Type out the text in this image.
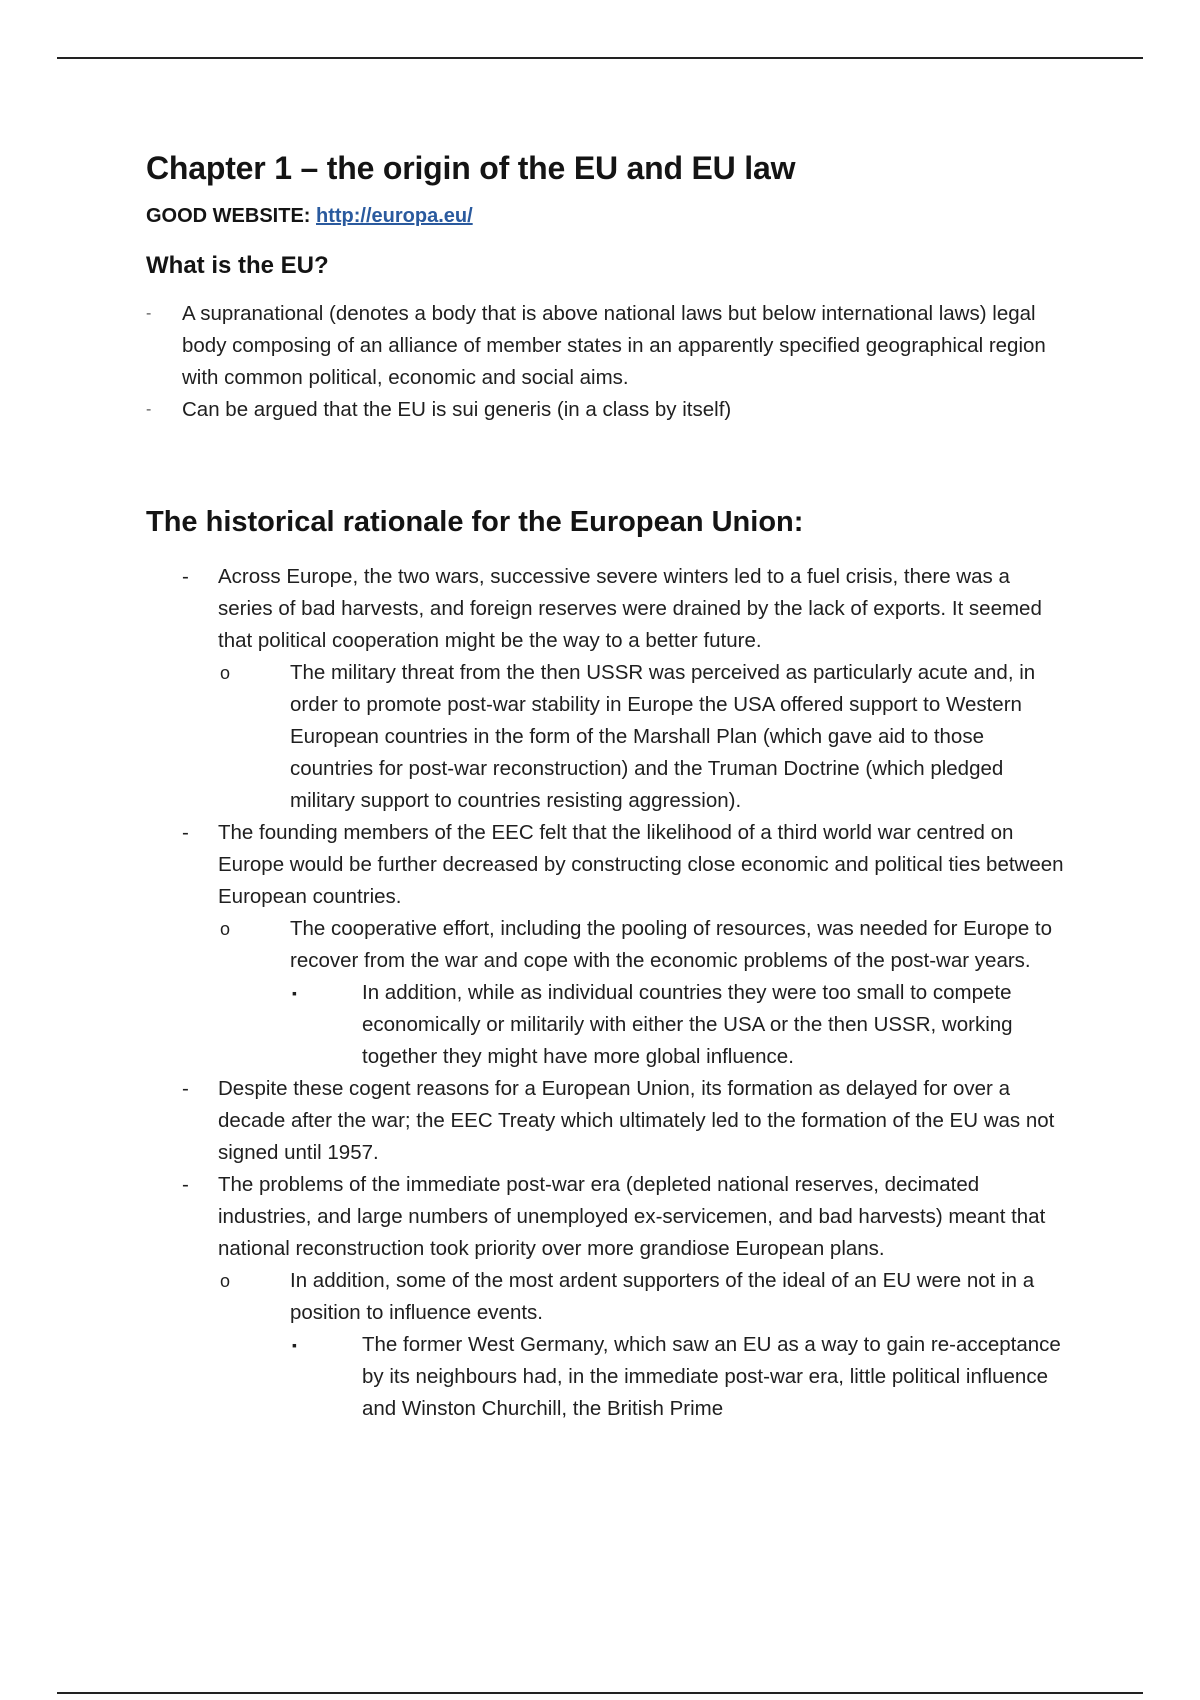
Chapter 1 – the origin of the EU and EU law

GOOD WEBSITE: http://europa.eu/

What is the EU?
- A supranational (denotes a body that is above national laws but below international laws) legal body composing of an alliance of member states in an apparently specified geographical region with common political, economic and social aims.
- Can be argued that the EU is sui generis (in a class by itself)
The historical rationale for the European Union:
- Across Europe, the two wars, successive severe winters led to a fuel crisis, there was a series of bad harvests, and foreign reserves were drained by the lack of exports. It seemed that political cooperation might be the way to a better future.
o	The military threat from the then USSR was perceived as particularly acute and, in order to promote post-war stability in Europe the USA offered support to Western European countries in the form of the Marshall Plan (which gave aid to those countries for post-war reconstruction) and the Truman Doctrine (which pledged military support to countries resisting aggression).
- The founding members of the EEC felt that the likelihood of a third world war centred on Europe would be further decreased by constructing close economic and political ties between European countries.
o	The cooperative effort, including the pooling of resources, was needed for Europe to recover from the war and cope with the economic problems of the post-war years.
▪	In addition, while as individual countries they were too small to compete economically or militarily with either the USA or the then USSR, working together they might have more global influence.
- Despite these cogent reasons for a European Union, its formation as delayed for over a decade after the war; the EEC Treaty which ultimately led to the formation of the EU was not signed until 1957.
- The problems of the immediate post-war era (depleted national reserves, decimated industries, and large numbers of unemployed ex-servicemen, and bad harvests) meant that national reconstruction took priority over more grandiose European plans.
o	In addition, some of the most ardent supporters of the ideal of an EU were not in a position to influence events.
▪	The former West Germany, which saw an EU as a way to gain re-acceptance by its neighbours had, in the immediate post-war era, little political influence and Winston Churchill, the British Prime
